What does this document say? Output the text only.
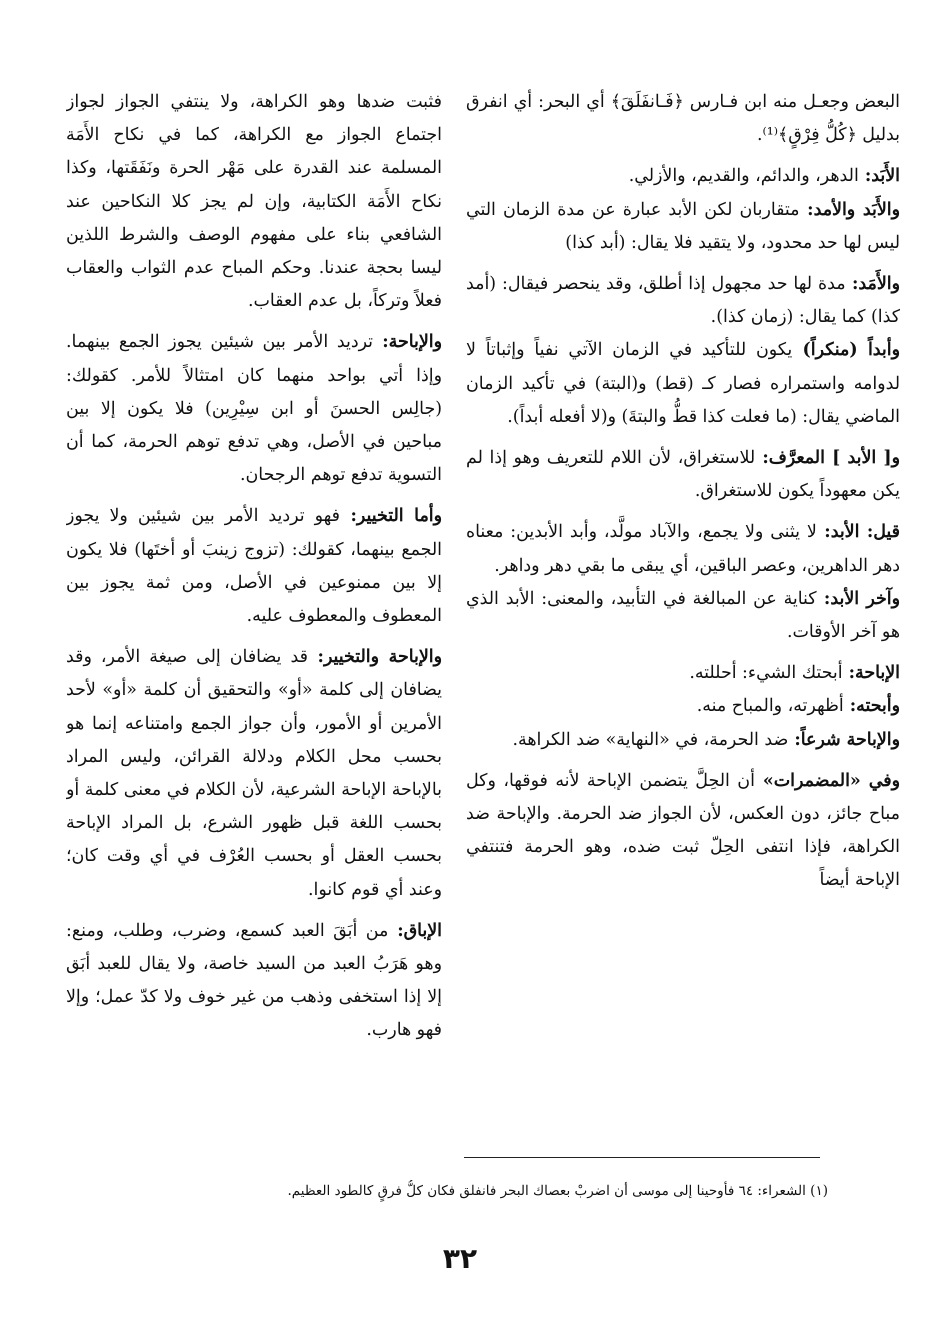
البعض وجعـل منه ابن فـارس ﴿فَـانفَلَقَ﴾ أي البحر: أي انفرق بدليل ﴿كُلُّ فِرْقٍ﴾⁽¹⁾.

الأَبَد: الدهر، والدائم، والقديم، والأزلي.

والأَبَد والأمد: متقاربان لكن الأبد عبارة عن مدة الزمان التي ليس لها حد محدود، ولا يتقيد فلا يقال: (أبد كذا)

والأَمَد: مدة لها حد مجهول إذا أطلق، وقد ينحصر فيقال: (أمد كذا) كما يقال: (زمان كذا).

وأبداً (منكراً) يكون للتأكيد في الزمان الآتي نفياً وإثباتاً لا لدوامه واستمراره فصار كـ (قط) و(البتة) في تأكيد الزمان الماضي يقال: (ما فعلت كذا قطُّ والبتةَ) و(لا أفعله أبداً).

و[ الأبد ] المعرَّف: للاستغراق، لأن اللام للتعريف وهو إذا لم يكن معهوداً يكون للاستغراق.

قيل: الأبد: لا يثنى ولا يجمع، والآباد مولَّد، وأبد الأبدين: معناه دهر الداهرين، وعصر الباقين، أي يبقى ما بقي دهر وداهر.

وآخر الأبد: كناية عن المبالغة في التأبيد، والمعنى: الأبد الذي هو آخر الأوقات.

الإباحة: أبحتك الشيء: أحللته.

وأبحته: أظهرته، والمباح منه.

والإباحة شرعاً: ضد الحرمة، في «النهاية» ضد الكراهة.

وفي «المضمرات» أن الحِلَّ يتضمن الإباحة لأنه فوقها، وكل مباح جائز، دون العكس، لأن الجواز ضد الحرمة. والإباحة ضد الكراهة، فإذا انتفى الحِلّ ثبت ضده، وهو الحرمة فتنتفي الإباحة أيضاً

فثبت ضدها وهو الكراهة، ولا ينتفي الجواز لجواز اجتماع الجواز مع الكراهة، كما في نكاح الأَمَة المسلمة عند القدرة على مَهْر الحرة ونَفَقَتها، وكذا نكاح الأَمَة الكتابية، وإن لم يجز كلا النكاحين عند الشافعي بناء على مفهوم الوصف والشرط اللذين ليسا بحجة عندنا. وحكم المباح عدم الثواب والعقاب فعلاً وتركاً، بل عدم العقاب.

والإباحة: ترديد الأمر بين شيئين يجوز الجمع بينهما. وإذا أتي بواحد منهما كان امتثالاً للأمر. كقولك: (جالِس الحسنَ أو ابن سِيْرِين) فلا يكون إلا بين مباحين في الأصل، وهي تدفع توهم الحرمة، كما أن التسوية تدفع توهم الرجحان.

وأما التخيير: فهو ترديد الأمر بين شيئين ولا يجوز الجمع بينهما، كقولك: (تزوج زينبَ أو أختَها) فلا يكون إلا بين ممنوعين في الأصل، ومن ثمة يجوز بين المعطوف والمعطوف عليه.

والإباحة والتخيير: قد يضافان إلى صيغة الأمر، وقد يضافان إلى كلمة «أو» والتحقيق أن كلمة «أو» لأحد الأمرين أو الأمور، وأن جواز الجمع وامتناعه إنما هو بحسب محل الكلام ودلالة القرائن، وليس المراد بالإباحة الإباحة الشرعية، لأن الكلام في معنى كلمة أو بحسب اللغة قبل ظهور الشرع، بل المراد الإباحة بحسب العقل أو بحسب العُرْف في أي وقت كان؛ وعند أي قوم كانوا.

الإباق: من أبَقَ العبد كسمع، وضرب، وطلب، ومنع: وهو هَرَبُ العبد من السيد خاصة، ولا يقال للعبد أبَق إلا إذا استخفى وذهب من غير خوف ولا كدّ عمل؛ وإلا فهو هارب.

(١) الشعراء: ٦٤ فأوحينا إلى موسى أن اضربْ بعصاك البحر فانفلق فكان كلُّ فرقٍ كالطود العظيم.
٣٢
